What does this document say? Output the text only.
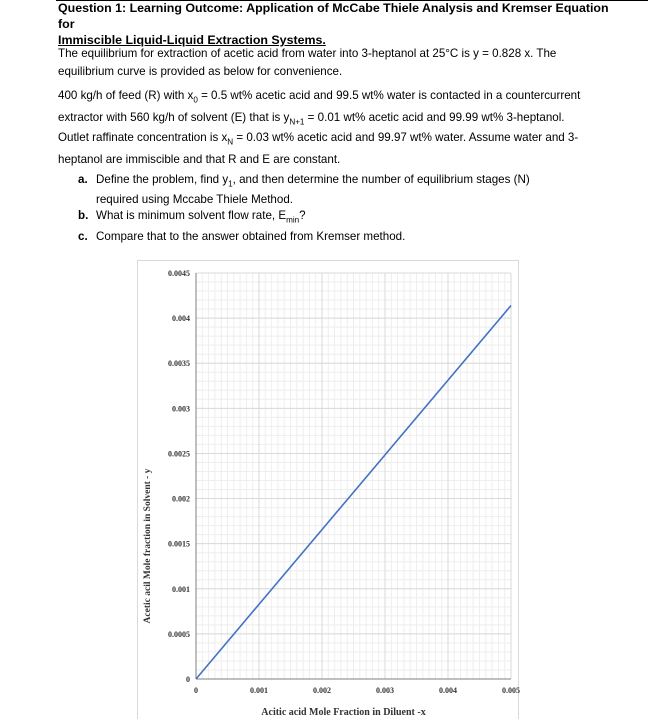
Question 1: Learning Outcome: Application of McCabe Thiele Analysis and Kremser Equation for
Immiscible Liquid-Liquid Extraction Systems.
The equilibrium for extraction of acetic acid from water into 3-heptanol at 25°C is y = 0.828 x. The
equilibrium curve is provided as below for convenience.
400 kg/h of feed (R) with $x_0 = 0.5$ wt% acetic acid and 99.5 wt% water is contacted in a countercurrent
extractor with 560 kg/h of solvent (E) that is $y_{N+1} = 0.01$ wt% acetic acid and 99.99 wt% 3-heptanol.
Outlet raffinate concentration is $x_N = 0.03$ wt% acetic acid and 99.97 wt% water. Assume water and 3-
heptanol are immiscible and that R and E are constant.
a. Define the problem, find $y_1$, and then determine the number of equilibrium stages (N)
required using Mccabe Thiele Method.
b. What is minimum solvent flow rate, $E_{min}$?
c. Compare that to the answer obtained from Kremser method.
0
0.0005
0.001
0.0015
0.002
0.0025
0.003
0.0035
0.004
0.0045
0	0.001	0.002	0.003	0.004	0.005
Acetic acil Mole fraction in Solvent - y
Acitic acid Mole Fraction in Diluent -x
